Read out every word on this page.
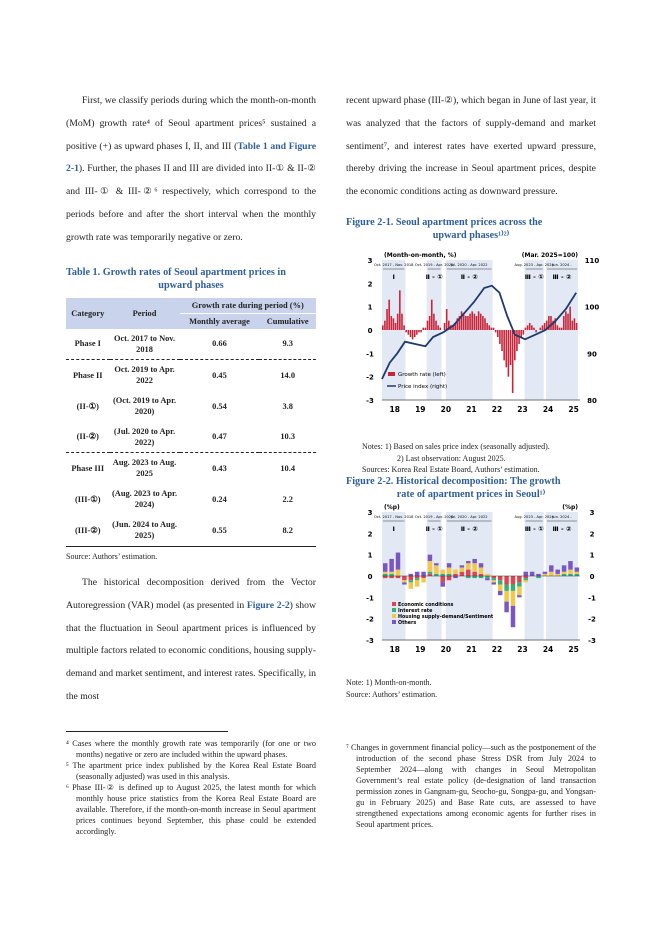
First, we classify periods during which the month-on-month (MoM) growth rate⁴ of Seoul apartment prices⁵ sustained a positive (+) as upward phases I, II, and III (Table 1 and Figure 2-1). Further, the phases II and III are divided into II-① & II-② and III-① & III-②⁶ respectively, which correspond to the periods before and after the short interval when the monthly growth rate was temporarily negative or zero.

Table 1. Growth rates of Seoul apartment prices in
upward phases
Category	Period	Growth rate during period (%)	
		Monthly average	Cumulative
Phase I	Oct. 2017 to Nov. 2018	0.66	9.3
Phase II	Oct. 2019 to Apr. 2022	0.45	14.0
(II-①)	(Oct. 2019 to Apr. 2020)	0.54	3.8
(II-②)	(Jul. 2020 to Apr. 2022)	0.47	10.3
Phase III	Aug. 2023 to Aug. 2025	0.43	10.4
(III-①)	(Aug. 2023 to Apr. 2024)	0.24	2.2
(III-②)	(Jun. 2024 to Aug. 2025)	0.55	8.2
Source: Authors’ estimation.

The historical decomposition derived from the Vector Autoregression (VAR) model (as presented in Figure 2-2) show that the fluctuation in Seoul apartment prices is influenced by multiple factors related to economic conditions, housing supply-demand and market sentiment, and interest rates. Specifically, in the most

⁴ Cases where the monthly growth rate was temporarily (for one or two months) negative or zero are included within the upward phases.
⁵ The apartment price index published by the Korea Real Estate Board (seasonally adjusted) was used in this analysis.
⁶ Phase III-② is defined up to August 2025, the latest month for which monthly house price statistics from the Korea Real Estate Board are available. Therefore, if the month-on-month increase in Seoul apartment prices continues beyond September, this phase could be extended accordingly.

recent upward phase (III-②), which began in June of last year, it was analyzed that the factors of supply-demand and market sentiment⁷, and interest rates have exerted upward pressure, thereby driving the increase in Seoul apartment prices, despite the economic conditions acting as downward pressure.

Figure 2-1. Seoul apartment prices across the
upward phases¹⁾²⁾
3
2
1
0
-1
-2
-3
110
100
90
80
18 19 20 21 22 23 24 25
(Month-on-month, %)	(Mar. 2025=100)
Oct. 2017 - Nov. 2018
Ⅰ
Oct. 2019 - Apr. 2020
Ⅱ - ①
Jul. 2020 - Apr. 2022
Ⅱ - ②
Aug. 2023 - Apr. 2024
Ⅲ - ①
Jun. 2024 -
Ⅲ - ②
Growth rate (left)
Price index (right)
Notes: 1) Based on sales price index (seasonally adjusted).
2) Last observation: August 2025.
Sources: Korea Real Estate Board, Authors’ estimation.
Figure 2-2. Historical decomposition: The growth
rate of apartment prices in Seoul¹⁾
3
2
1
0
-1
-2
-3
3
2
1
0
-1
-2
-3
18 19 20 21 22 23 24 25
(%p)	(%p)
Oct. 2017 - Nov. 2018
Ⅰ
Oct. 2019 - Apr. 2020
Ⅱ - ①
Jul. 2020 - Apr. 2022
Ⅱ - ②
Aug. 2023 - Apr. 2024
Ⅲ - ①
Jun. 2024 -
Ⅲ - ②
Economic conditions
Interest rate
Housing supply-demand/Sentiment
Others
Note: 1) Month-on-month.
Source: Authors’ estimation.
⁷ Changes in government financial policy—such as the postponement of the introduction of the second phase Stress DSR from July 2024 to September 2024—along with changes in Seoul Metropolitan Government’s real estate policy (de-designation of land transaction permission zones in Gangnam-gu, Seocho-gu, Songpa-gu, and Yongsan-gu in February 2025) and Base Rate cuts, are assessed to have strengthened expectations among economic agents for further rises in Seoul apartment prices.
